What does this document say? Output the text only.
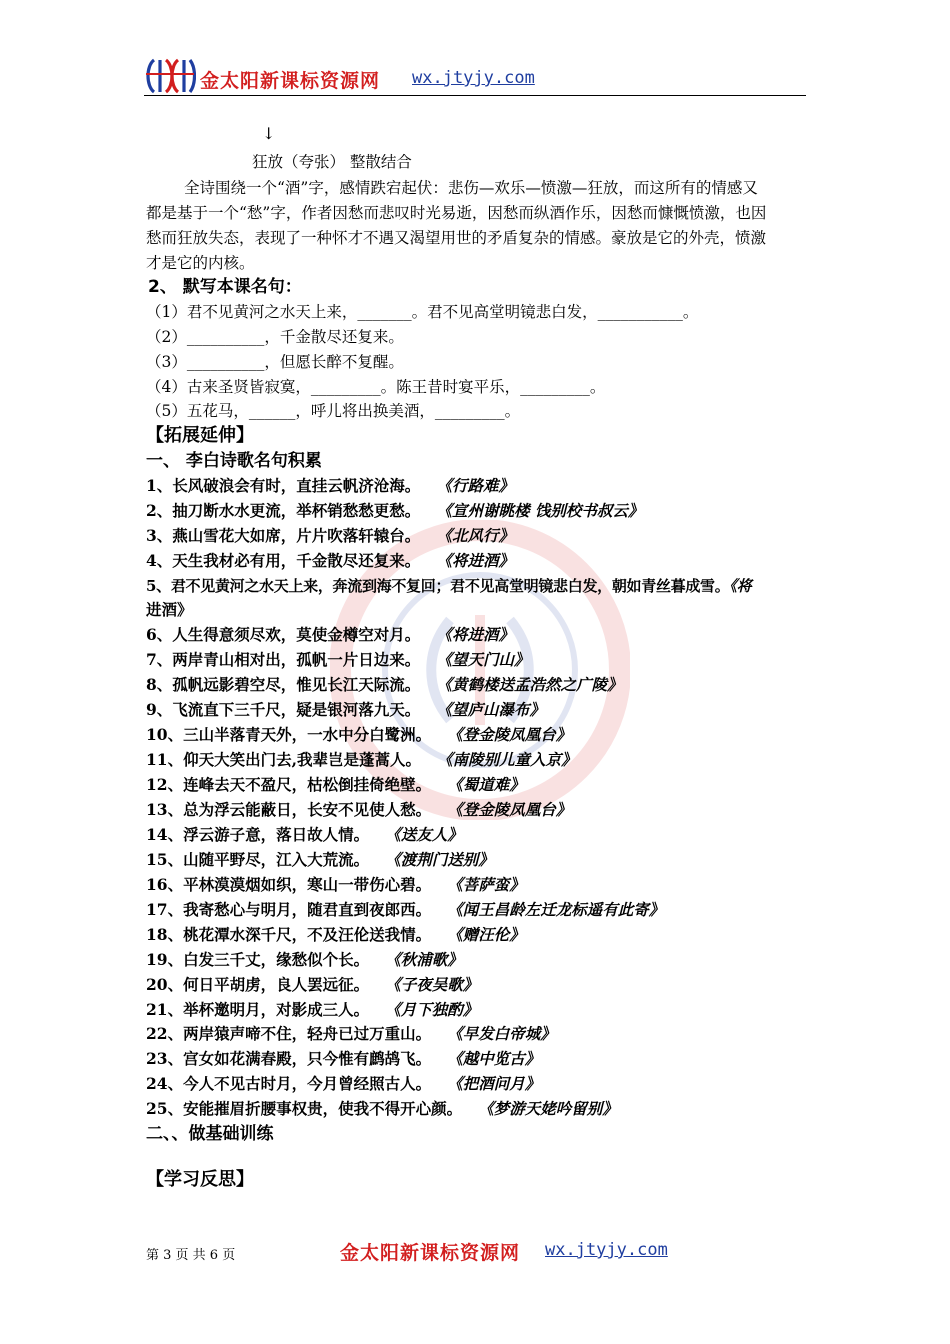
金太阳新课标资源网 wx.jtyjy.com
↓
狂放（夸张） 整散结合
全诗围绕一个“酒”字，感情跌宕起伏：悲伤—欢乐—愤激—狂放，而这所有的情感又
都是基于一个“愁”字，作者因愁而悲叹时光易逝，因愁而纵酒作乐，因愁而慷慨愤激，也因
愁而狂放失态，表现了一种怀才不遇又渴望用世的矛盾复杂的情感。豪放是它的外壳，愤激
才是它的内核。
2、 默写本课名句：
（1）君不见黄河之水天上来，_______。君不见高堂明镜悲白发，___________。
（2）__________，千金散尽还复来。
（3）__________，但愿长醉不复醒。
（4）古来圣贤皆寂寞，_________。陈王昔时宴平乐，_________。
（5）五花马，______，呼儿将出换美酒，_________。
【拓展延伸】
一、 李白诗歌名句积累
1、长风破浪会有时，直挂云帆济沧海。 《行路难》
2、抽刀断水水更流，举杯销愁愁更愁。 《宣州谢眺楼 饯别校书叔云》
3、燕山雪花大如席，片片吹落轩辕台。 《北风行》
4、天生我材必有用，千金散尽还复来。 《将进酒》
5、君不见黄河之水天上来，奔流到海不复回；君不见高堂明镜悲白发，朝如青丝暮成雪。《将
进酒》
6、人生得意须尽欢，莫使金樽空对月。 《将进酒》
7、两岸青山相对出，孤帆一片日边来。 《望天门山》
8、孤帆远影碧空尽，惟见长江天际流。 《黄鹤楼送孟浩然之广陵》
9、飞流直下三千尺，疑是银河落九天。 《望庐山瀑布》
10、三山半落青天外，一水中分白鹭洲。 《登金陵凤凰台》
11、仰天大笑出门去,我辈岂是蓬蒿人。 《南陵别儿童入京》
12、连峰去天不盈尺，枯松倒挂倚绝壁。 《蜀道难》
13、总为浮云能蔽日，长安不见使人愁。 《登金陵凤凰台》
14、浮云游子意，落日故人情。 《送友人》
15、山随平野尽，江入大荒流。 《渡荆门送别》
16、平林漠漠烟如织，寒山一带伤心碧。 《菩萨蛮》
17、我寄愁心与明月，随君直到夜郎西。 《闻王昌龄左迁龙标遥有此寄》
18、桃花潭水深千尺，不及汪伦送我情。 《赠汪伦》
19、白发三千丈，缘愁似个长。 《秋浦歌》
20、何日平胡虏，良人罢远征。 《子夜吴歌》
21、举杯邀明月，对影成三人。 《月下独酌》
22、两岸猿声啼不住，轻舟已过万重山。 《早发白帝城》
23、宫女如花满春殿，只今惟有鹧鸪飞。 《越中览古》
24、今人不见古时月，今月曾经照古人。 《把酒问月》
25、安能摧眉折腰事权贵，使我不得开心颜。 《梦游天姥吟留别》
二、、做基础训练
【学习反思】
第 3 页 共 6 页	金太阳新课标资源网 wx.jtyjy.com
